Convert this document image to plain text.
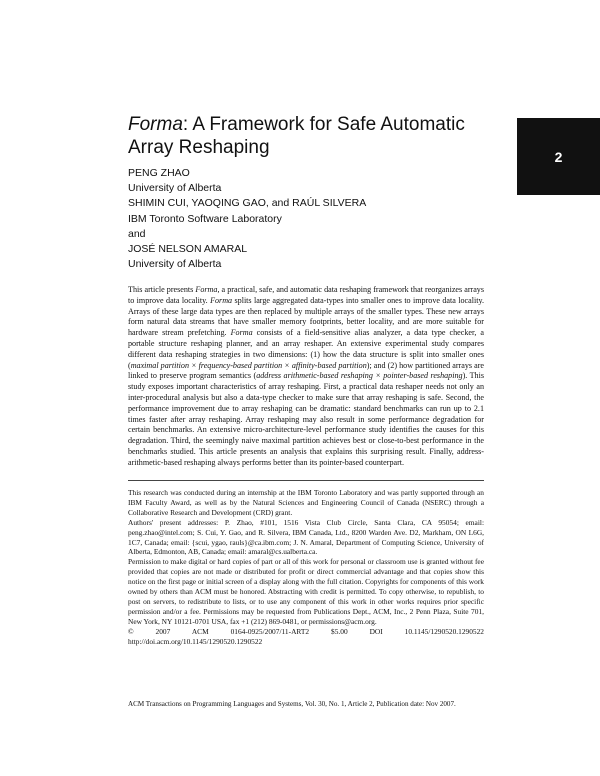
2
Forma: A Framework for Safe Automatic Array Reshaping
PENG ZHAO
University of Alberta
SHIMIN CUI, YAOQING GAO, and RAÚL SILVERA
IBM Toronto Software Laboratory
and
JOSÉ NELSON AMARAL
University of Alberta

This article presents Forma, a practical, safe, and automatic data reshaping framework that reorganizes arrays to improve data locality. Forma splits large aggregated data-types into smaller ones to improve data locality. Arrays of these large data types are then replaced by multiple arrays of the smaller types. These new arrays form natural data streams that have smaller memory footprints, better locality, and are more suitable for hardware stream prefetching. Forma consists of a field-sensitive alias analyzer, a data type checker, a portable structure reshaping planner, and an array reshaper. An extensive experimental study compares different data reshaping strategies in two dimensions: (1) how the data structure is split into smaller ones (maximal partition × frequency-based partition × affinity-based partition); and (2) how partitioned arrays are linked to preserve program semantics (address arithmetic-based reshaping × pointer-based reshaping). This study exposes important characteristics of array reshaping. First, a practical data reshaper needs not only an inter-procedural analysis but also a data-type checker to make sure that array reshaping is safe. Second, the performance improvement due to array reshaping can be dramatic: standard benchmarks can run up to 2.1 times faster after array reshaping. Array reshaping may also result in some performance degradation for certain benchmarks. An extensive micro-architecture-level performance study identifies the causes for this degradation. Third, the seemingly naive maximal partition achieves best or close-to-best performance in the benchmarks studied. This article presents an analysis that explains this surprising result. Finally, address-arithmetic-based reshaping always performs better than its pointer-based counterpart.

This research was conducted during an internship at the IBM Toronto Laboratory and was partly supported through an IBM Faculty Award, as well as by the Natural Sciences and Engineering Council of Canada (NSERC) through a Collaborative Research and Development (CRD) grant.

Authors' present addresses: P. Zhao, #101, 1516 Vista Club Circle, Santa Clara, CA 95054; email: peng.zhao@intel.com; S. Cui, Y. Gao, and R. Silvera, IBM Canada, Ltd., 8200 Warden Ave. D2, Markham, ON L6G, 1C7, Canada; email: {scui, ygao, rauls}@ca.ibm.com; J. N. Amaral, Department of Computing Science, University of Alberta, Edmonton, AB, Canada; email: amaral@cs.ualberta.ca.

Permission to make digital or hard copies of part or all of this work for personal or classroom use is granted without fee provided that copies are not made or distributed for profit or direct commercial advantage and that copies show this notice on the first page or initial screen of a display along with the full citation. Copyrights for components of this work owned by others than ACM must be honored. Abstracting with credit is permitted. To copy otherwise, to republish, to post on servers, to redistribute to lists, or to use any component of this work in other works requires prior specific permission and/or a fee. Permissions may be requested from Publications Dept., ACM, Inc., 2 Penn Plaza, Suite 701, New York, NY 10121-0701 USA, fax +1 (212) 869-0481, or permissions@acm.org.

© 2007 ACM 0164-0925/2007/11-ART2 $5.00 DOI 10.1145/1290520.1290522 http://doi.acm.org/10.1145/1290520.1290522

ACM Transactions on Programming Languages and Systems, Vol. 30, No. 1, Article 2, Publication date: Nov 2007.
